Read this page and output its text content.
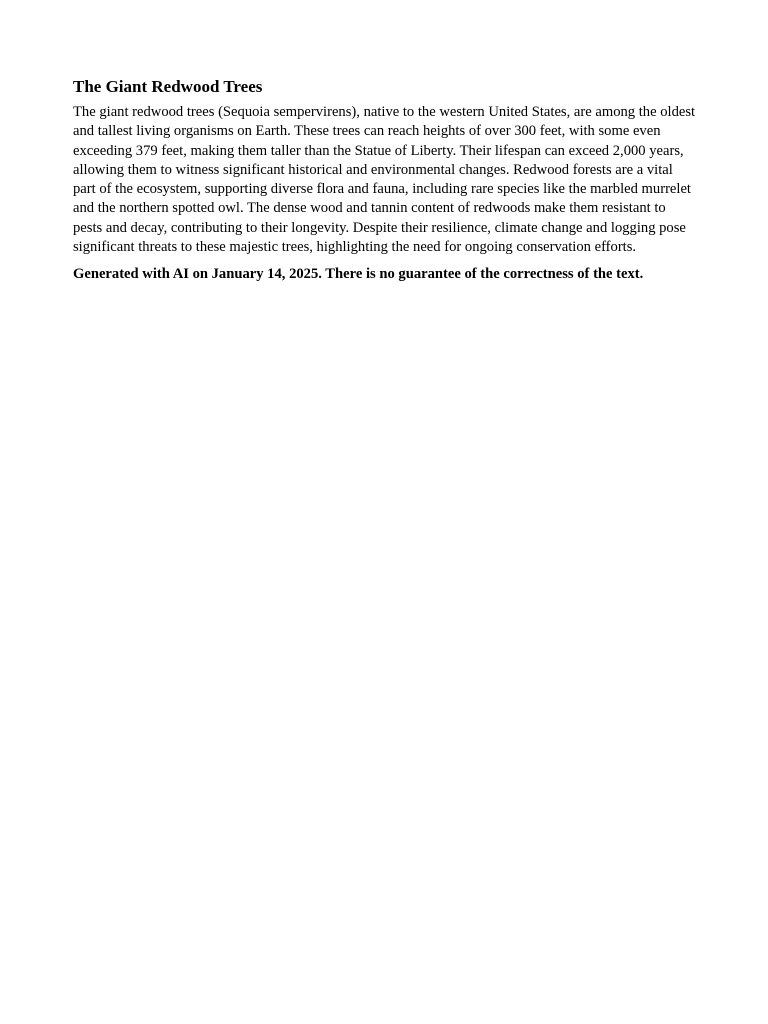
The Giant Redwood Trees

The giant redwood trees (Sequoia sempervirens), native to the western United States, are among the oldest and tallest living organisms on Earth. These trees can reach heights of over 300 feet, with some even exceeding 379 feet, making them taller than the Statue of Liberty. Their lifespan can exceed 2,000 years, allowing them to witness significant historical and environmental changes. Redwood forests are a vital part of the ecosystem, supporting diverse flora and fauna, including rare species like the marbled murrelet and the northern spotted owl. The dense wood and tannin content of redwoods make them resistant to pests and decay, contributing to their longevity. Despite their resilience, climate change and logging pose significant threats to these majestic trees, highlighting the need for ongoing conservation efforts.

Generated with AI on January 14, 2025. There is no guarantee of the correctness of the text.
